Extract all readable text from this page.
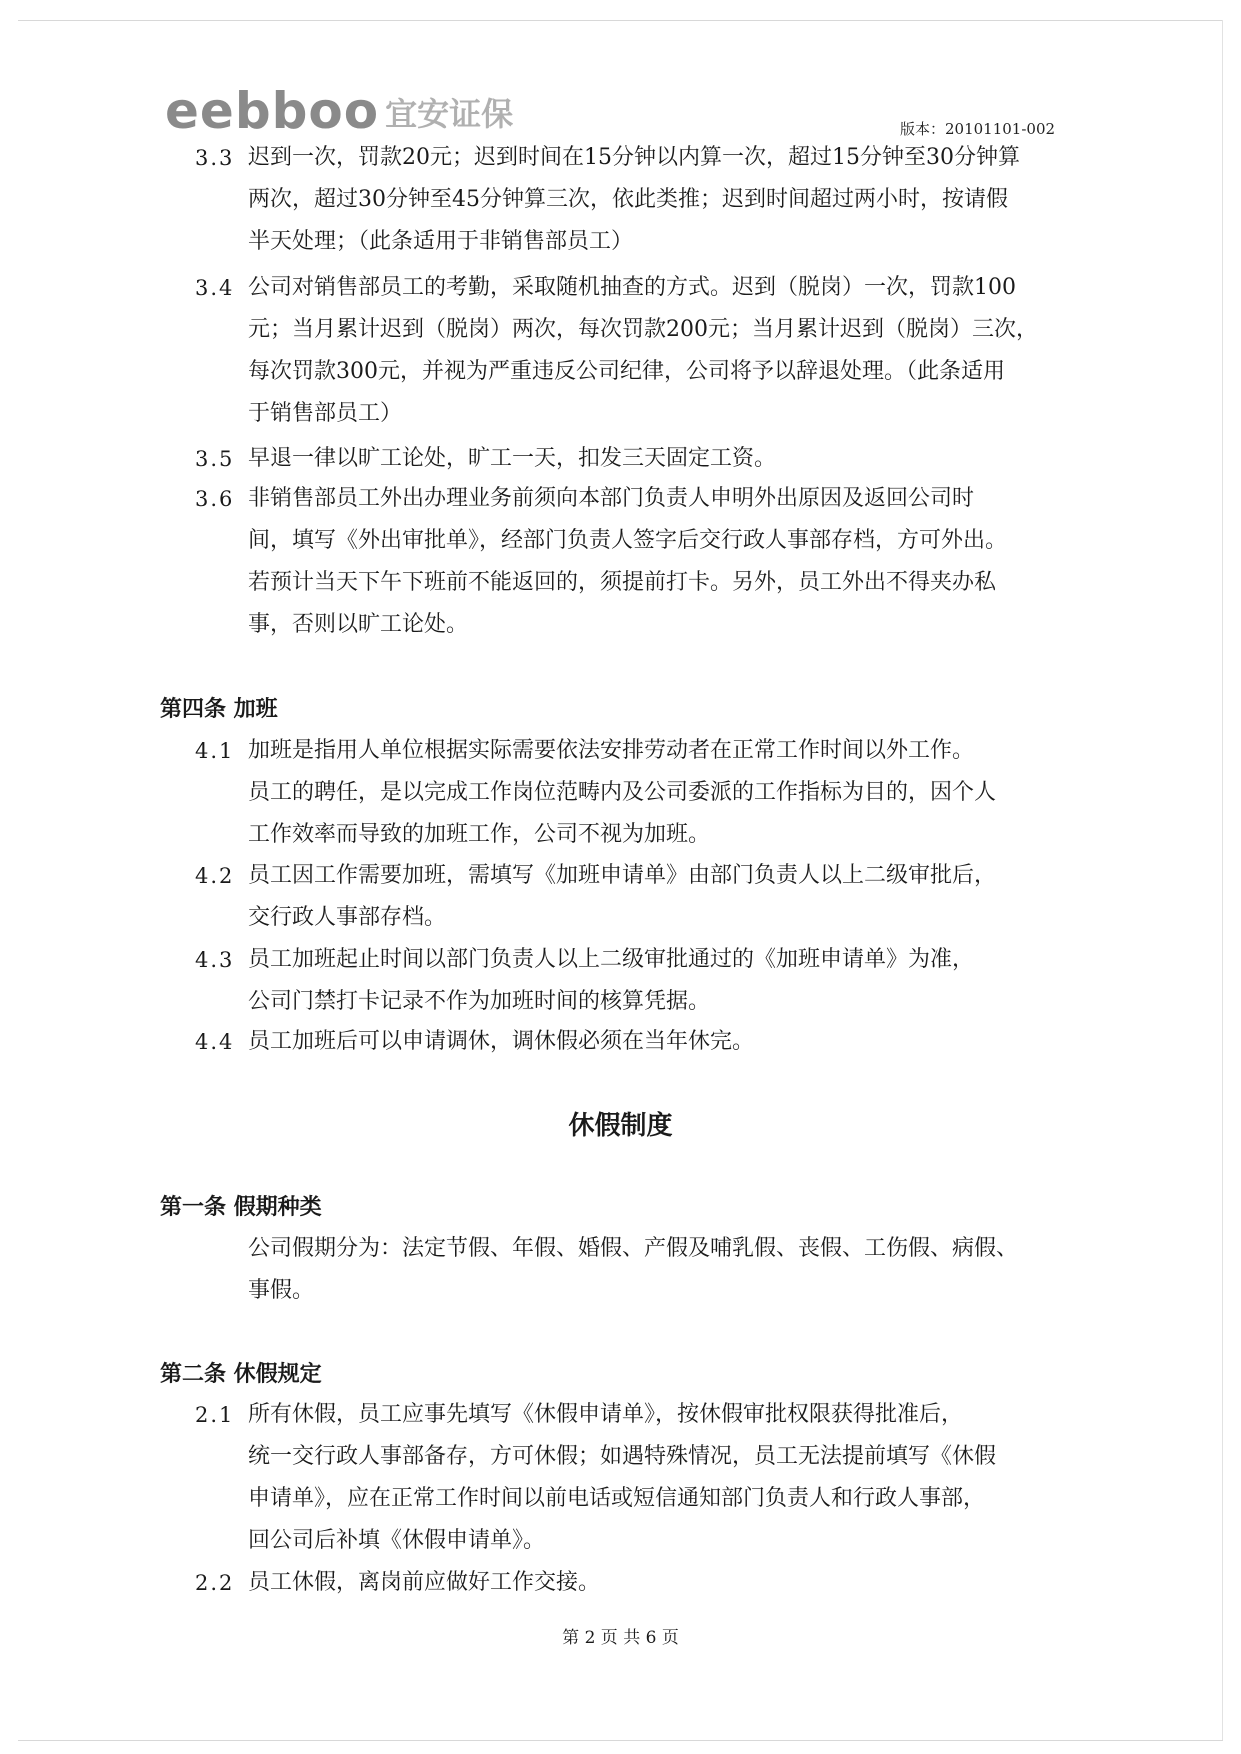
eebboo 宜安证保	版本：20101101-002
3.3 迟到一次，罚款20元；迟到时间在15分钟以内算一次，超过15分钟至30分钟算
两次，超过30分钟至45分钟算三次，依此类推；迟到时间超过两小时，按请假
半天处理；（此条适用于非销售部员工）
3.4 公司对销售部员工的考勤，采取随机抽查的方式。迟到（脱岗）一次，罚款100
元；当月累计迟到（脱岗）两次，每次罚款200元；当月累计迟到（脱岗）三次，
每次罚款300元，并视为严重违反公司纪律，公司将予以辞退处理。（此条适用
于销售部员工）
3.5 早退一律以旷工论处，旷工一天，扣发三天固定工资。
3.6 非销售部员工外出办理业务前须向本部门负责人申明外出原因及返回公司时
间，填写《外出审批单》，经部门负责人签字后交行政人事部存档，方可外出。
若预计当天下午下班前不能返回的，须提前打卡。另外，员工外出不得夹办私
事，否则以旷工论处。
第四条 加班
4.1 加班是指用人单位根据实际需要依法安排劳动者在正常工作时间以外工作。
员工的聘任，是以完成工作岗位范畴内及公司委派的工作指标为目的，因个人
工作效率而导致的加班工作，公司不视为加班。
4.2 员工因工作需要加班，需填写《加班申请单》由部门负责人以上二级审批后，
交行政人事部存档。
4.3 员工加班起止时间以部门负责人以上二级审批通过的《加班申请单》为准，
公司门禁打卡记录不作为加班时间的核算凭据。
4.4 员工加班后可以申请调休，调休假必须在当年休完。
休假制度
第一条 假期种类
公司假期分为：法定节假、年假、婚假、产假及哺乳假、丧假、工伤假、病假、
事假。
第二条 休假规定
2.1 所有休假，员工应事先填写《休假申请单》，按休假审批权限获得批准后，
统一交行政人事部备存，方可休假；如遇特殊情况，员工无法提前填写《休假
申请单》，应在正常工作时间以前电话或短信通知部门负责人和行政人事部，
回公司后补填《休假申请单》。
2.2 员工休假，离岗前应做好工作交接。
第 2 页 共 6 页
